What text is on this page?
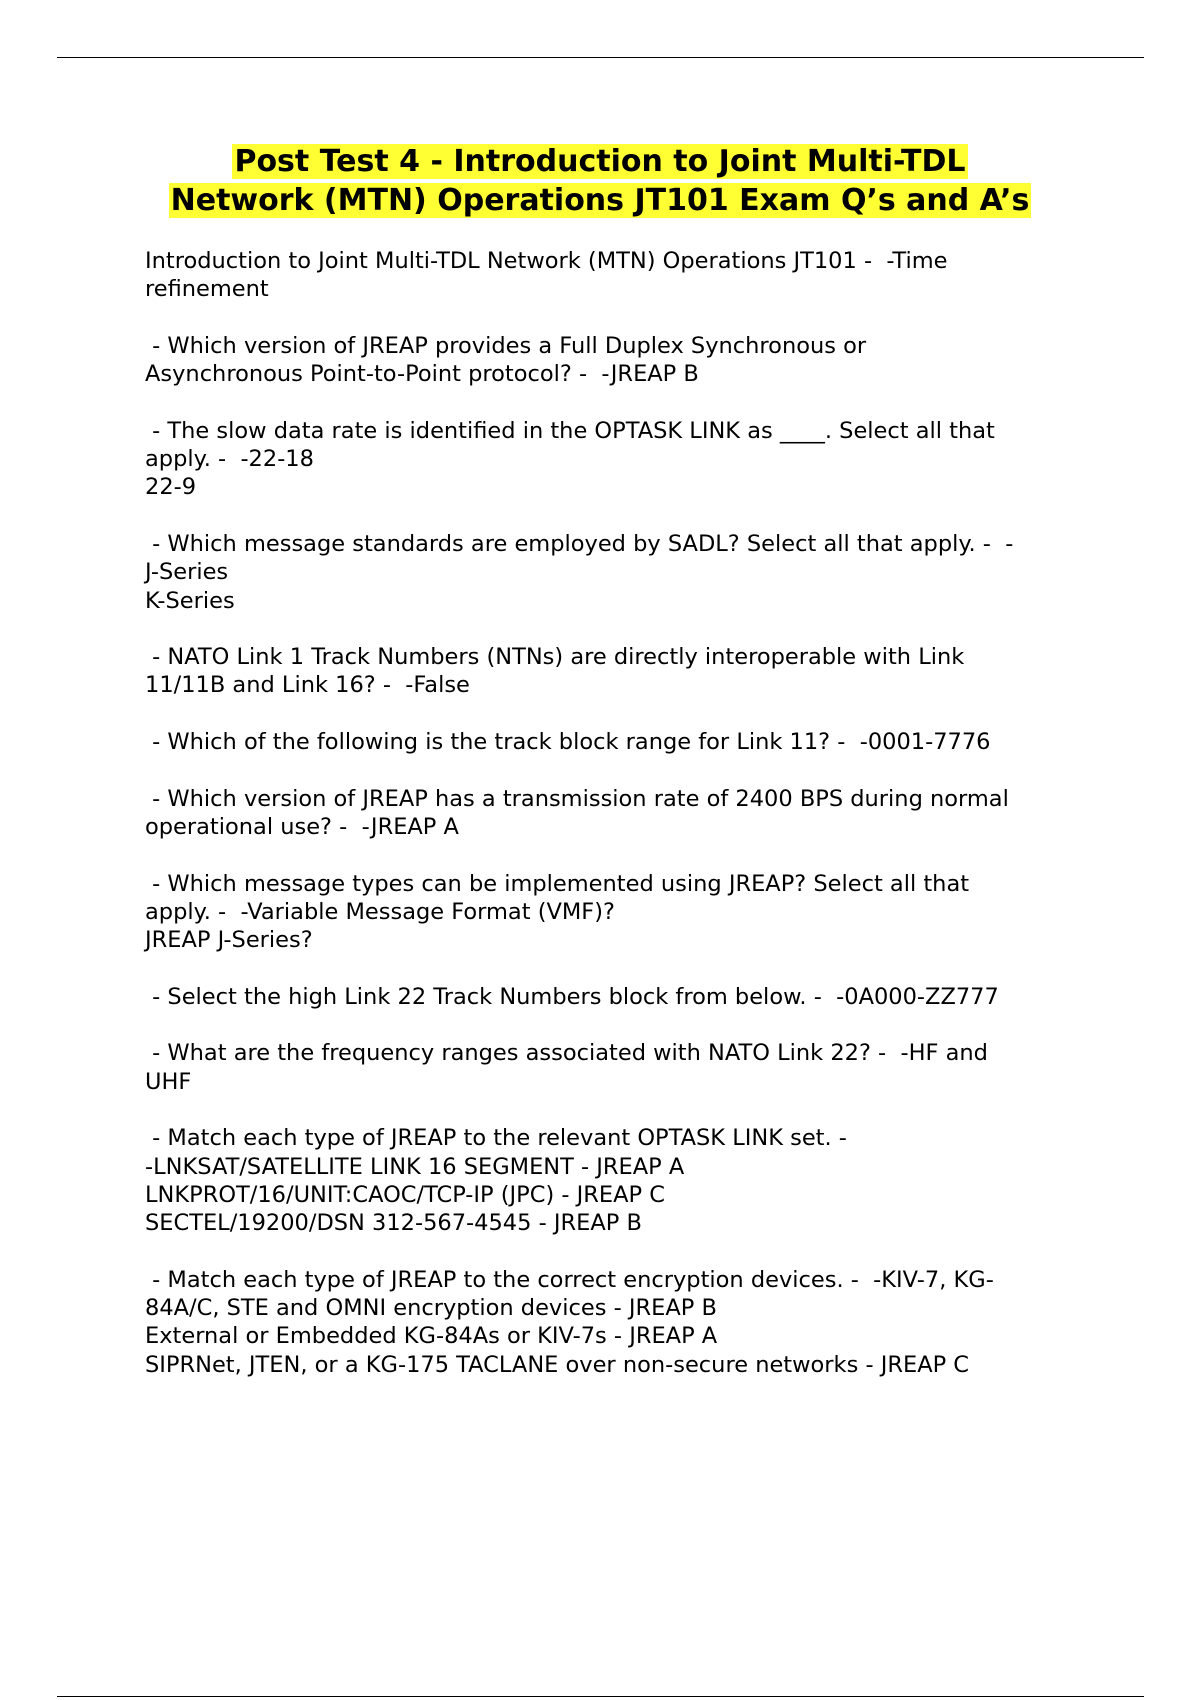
Post Test 4 - Introduction to Joint Multi-TDL
Network (MTN) Operations JT101 Exam Q’s and A’s
Introduction to Joint Multi-TDL Network (MTN) Operations JT101 -  -Time
refinement
- Which version of JREAP provides a Full Duplex Synchronous or
Asynchronous Point-to-Point protocol? -  -JREAP B
- The slow data rate is identified in the OPTASK LINK as ____. Select all that
apply. -  -22-18
22-9
- Which message standards are employed by SADL? Select all that apply. -  -
J-Series
K-Series
- NATO Link 1 Track Numbers (NTNs) are directly interoperable with Link
11/11B and Link 16? -  -False
- Which of the following is the track block range for Link 11? -  -0001-7776
- Which version of JREAP has a transmission rate of 2400 BPS during normal
operational use? -  -JREAP A
- Which message types can be implemented using JREAP? Select all that
apply. -  -Variable Message Format (VMF)?
JREAP J-Series?
- Select the high Link 22 Track Numbers block from below. -  -0A000-ZZ777
- What are the frequency ranges associated with NATO Link 22? -  -HF and
UHF
- Match each type of JREAP to the relevant OPTASK LINK set. -
-LNKSAT/SATELLITE LINK 16 SEGMENT - JREAP A
LNKPROT/16/UNIT:CAOC/TCP-IP (JPC) - JREAP C
SECTEL/19200/DSN 312-567-4545 - JREAP B
- Match each type of JREAP to the correct encryption devices. -  -KIV-7, KG-
84A/C, STE and OMNI encryption devices - JREAP B
External or Embedded KG-84As or KIV-7s - JREAP A
SIPRNet, JTEN, or a KG-175 TACLANE over non-secure networks - JREAP C
